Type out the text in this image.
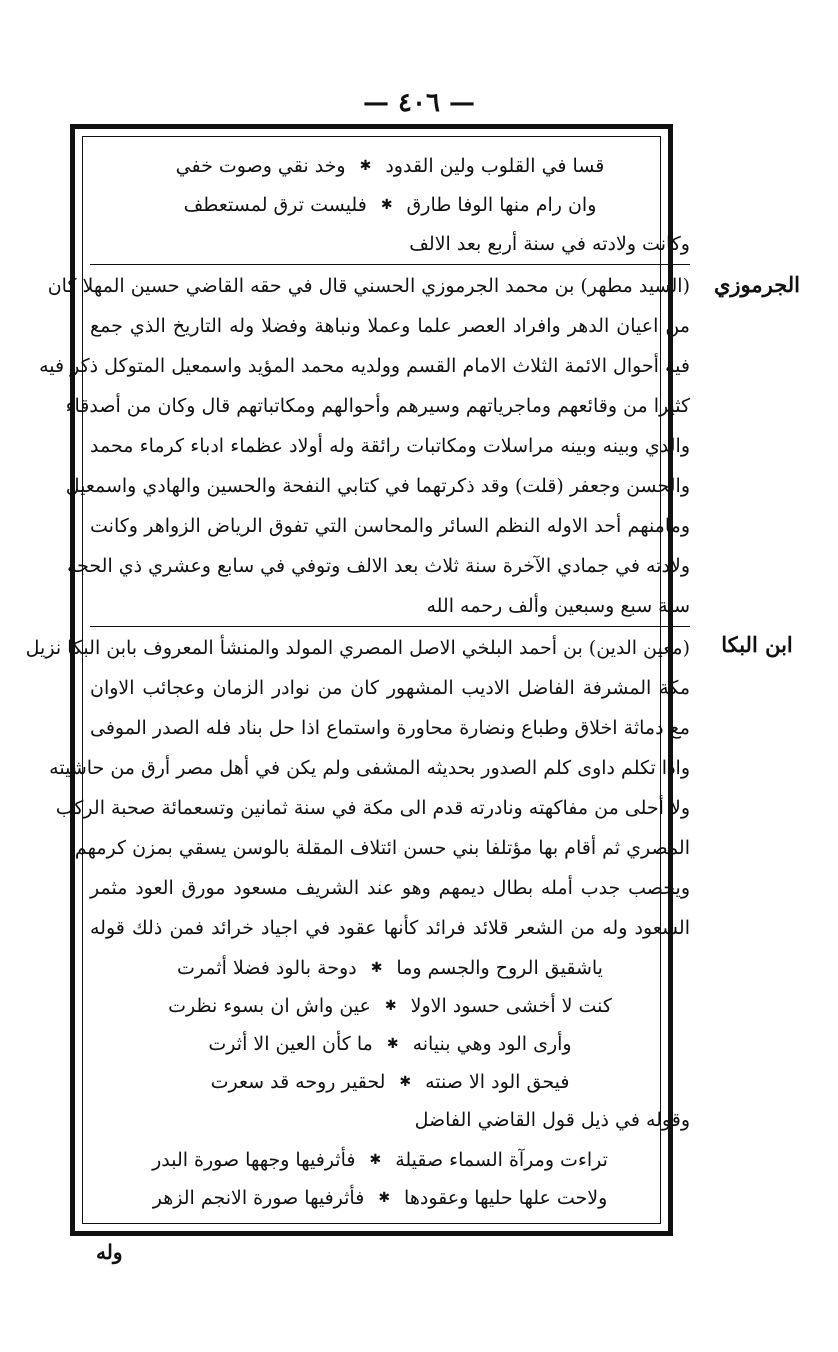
— ٤٠٦ —
قسا في القلوب ولين القدود
✱
وخد نقي وصوت خفي
وان رام منها الوفا طارق
✱
فليست ترق لمستعطف
وكانت ولادته في سنة أربع بعد الالف
(السيد مطهر) بن محمد الجرموزي الحسني قال في حقه القاضي حسين المهلا كان
من اعيان الدهر وافراد العصر علما وعملا ونباهة وفضلا وله التاريخ الذي جمع
فيه أحوال الائمة الثلاث الامام القسم وولديه محمد المؤيد واسمعيل المتوكل ذكر فيه
كثيرا من وقائعهم وماجرياتهم وسيرهم وأحوالهم ومكاتباتهم قال وكان من أصدقاء
والدي وبينه وبينه مراسلات ومكاتبات رائقة وله أولاد عظماء ادباء كرماء محمد
والحسن وجعفر (قلت) وقد ذكرتهما في كتابي النفحة والحسين والهادي واسمعيل
ومامنهم أحد الاوله النظم السائر والمحاسن التي تفوق الرياض الزواهر وكانت
ولادته في جمادي الآخرة سنة ثلاث بعد الالف وتوفي في سابع وعشري ذي الحجة
سنة سبع وسبعين وألف رحمه الله
(معين الدين) بن أحمد البلخي الاصل المصري المولد والمنشأ المعروف بابن البكا نزيل
مكة المشرفة الفاضل الاديب المشهور كان من نوادر الزمان وعجائب الاوان
مع دماثة اخلاق وطباع ونضارة محاورة واستماع اذا حل بناد فله الصدر الموفى
واذا تكلم داوى كلم الصدور بحديثه المشفى ولم يكن في أهل مصر أرق من حاشيته
ولا أحلى من مفاكهته ونادرته قدم الى مكة في سنة ثمانين وتسعمائة صحبة الركب
المصري ثم أقام بها مؤتلفا بني حسن ائتلاف المقلة بالوسن يسقي بمزن كرمهم
ويخصب جدب أمله بطال ديمهم وهو عند الشريف مسعود مورق العود مثمر
السعود وله من الشعر قلائد فرائد كأنها عقود في اجياد خرائد فمن ذلك قوله
ياشقيق الروح والجسم وما
✱
دوحة بالود فضلا أثمرت
كنت لا أخشى حسود الاولا
✱
عين واش ان بسوء نظرت
وأرى الود وهي بنيانه
✱
ما كأن العين الا أثرت
فيحق الود الا صنته
✱
لحقير روحه قد سعرت
وقوله في ذيل قول القاضي الفاضل
تراءت ومرآة السماء صقيلة
✱
فأثرفيها وجهها صورة البدر
ولاحت علها حليها وعقودها
✱
فأثرفيها صورة الانجم الزهر
الجرموزي
ابن البكا
وله
